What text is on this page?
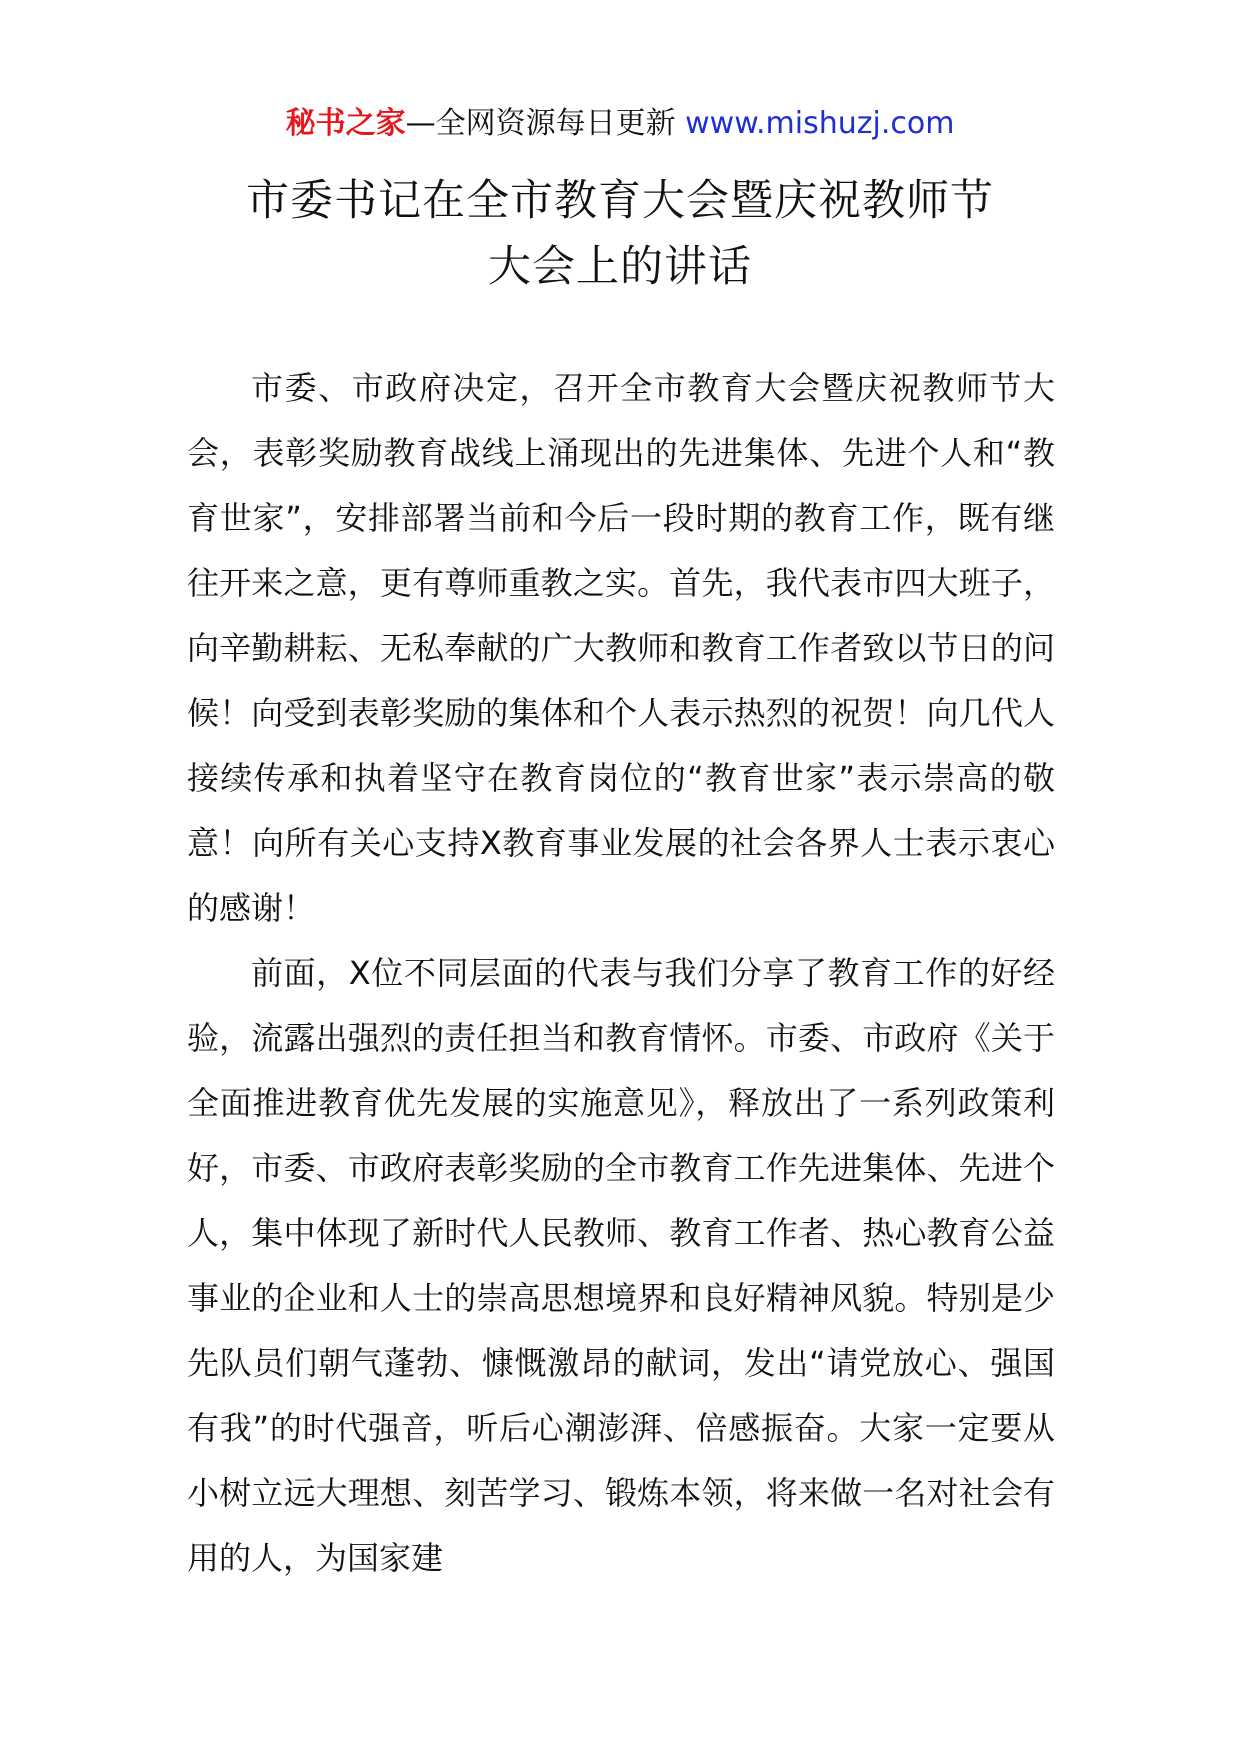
秘书之家—全网资源每日更新 www.mishuzj.com
市委书记在全市教育大会暨庆祝教师节
大会上的讲话

市委、市政府决定，召开全市教育大会暨庆祝教师节大会，表彰奖励教育战线上涌现出的先进集体、先进个人和“教育世家”，安排部署当前和今后一段时期的教育工作，既有继往开来之意，更有尊师重教之实。首先，我代表市四大班子，向辛勤耕耘、无私奉献的广大教师和教育工作者致以节日的问候！向受到表彰奖励的集体和个人表示热烈的祝贺！向几代人接续传承和执着坚守在教育岗位的“教育世家”表示崇高的敬意！向所有关心支持X教育事业发展的社会各界人士表示衷心的感谢！

前面，X位不同层面的代表与我们分享了教育工作的好经验，流露出强烈的责任担当和教育情怀。市委、市政府《关于全面推进教育优先发展的实施意见》，释放出了一系列政策利好，市委、市政府表彰奖励的全市教育工作先进集体、先进个人，集中体现了新时代人民教师、教育工作者、热心教育公益事业的企业和人士的崇高思想境界和良好精神风貌。特别是少先队员们朝气蓬勃、慷慨激昂的献词，发出“请党放心、强国有我”的时代强音，听后心潮澎湃、倍感振奋。大家一定要从小树立远大理想、刻苦学习、锻炼本领，将来做一名对社会有用的人，为国家建
